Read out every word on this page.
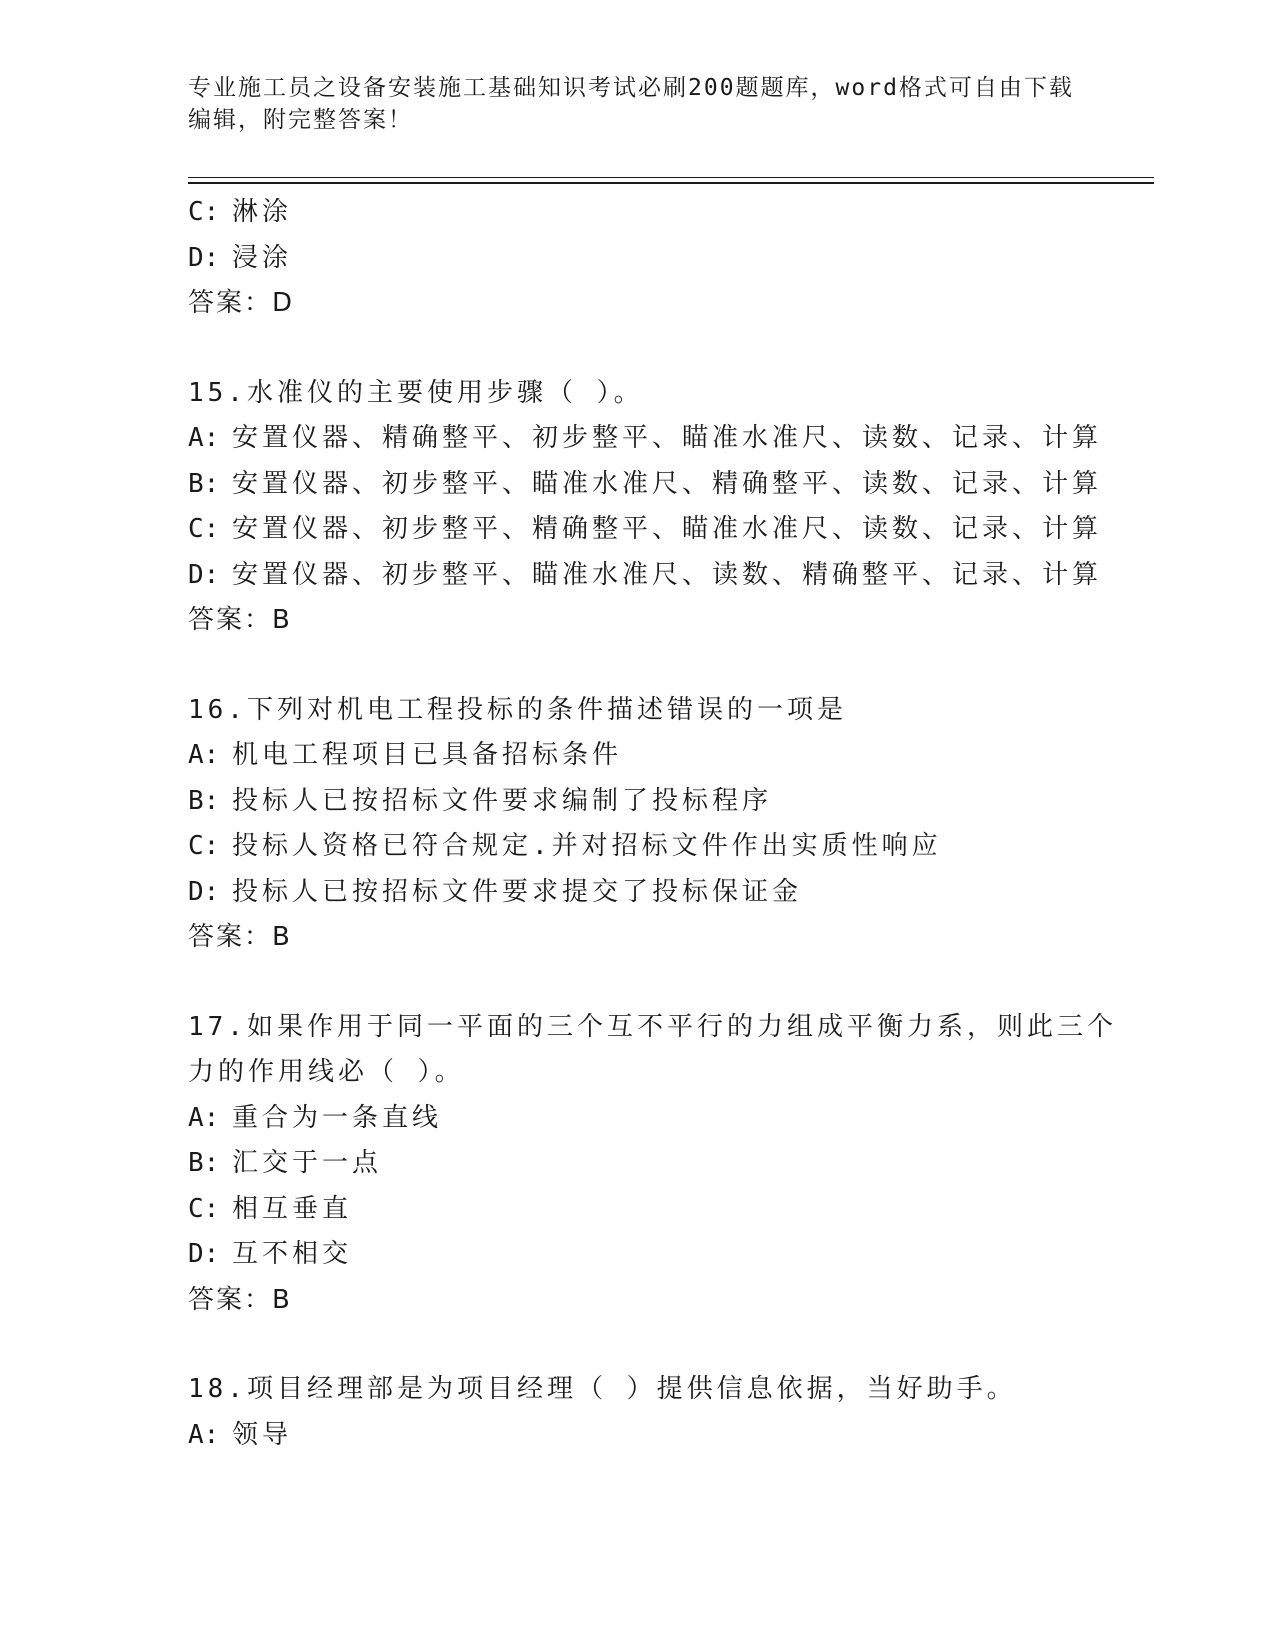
专业施工员之设备安装施工基础知识考试必刷200题题库，word格式可自由下载
编辑，附完整答案！
C: 淋涂
D: 浸涂
答案：D
15.水准仪的主要使用步骤（ ）。
A: 安置仪器、精确整平、初步整平、瞄准水准尺、读数、记录、计算
B: 安置仪器、初步整平、瞄准水准尺、精确整平、读数、记录、计算
C: 安置仪器、初步整平、精确整平、瞄准水准尺、读数、记录、计算
D: 安置仪器、初步整平、瞄准水准尺、读数、精确整平、记录、计算
答案：B
16.下列对机电工程投标的条件描述错误的一项是
A: 机电工程项目已具备招标条件
B: 投标人已按招标文件要求编制了投标程序
C: 投标人资格已符合规定.并对招标文件作出实质性响应
D: 投标人已按招标文件要求提交了投标保证金
答案：B
17.如果作用于同一平面的三个互不平行的力组成平衡力系，则此三个
力的作用线必（ ）。
A: 重合为一条直线
B: 汇交于一点
C: 相互垂直
D: 互不相交
答案：B
18.项目经理部是为项目经理（ ）提供信息依据，当好助手。
A: 领导
